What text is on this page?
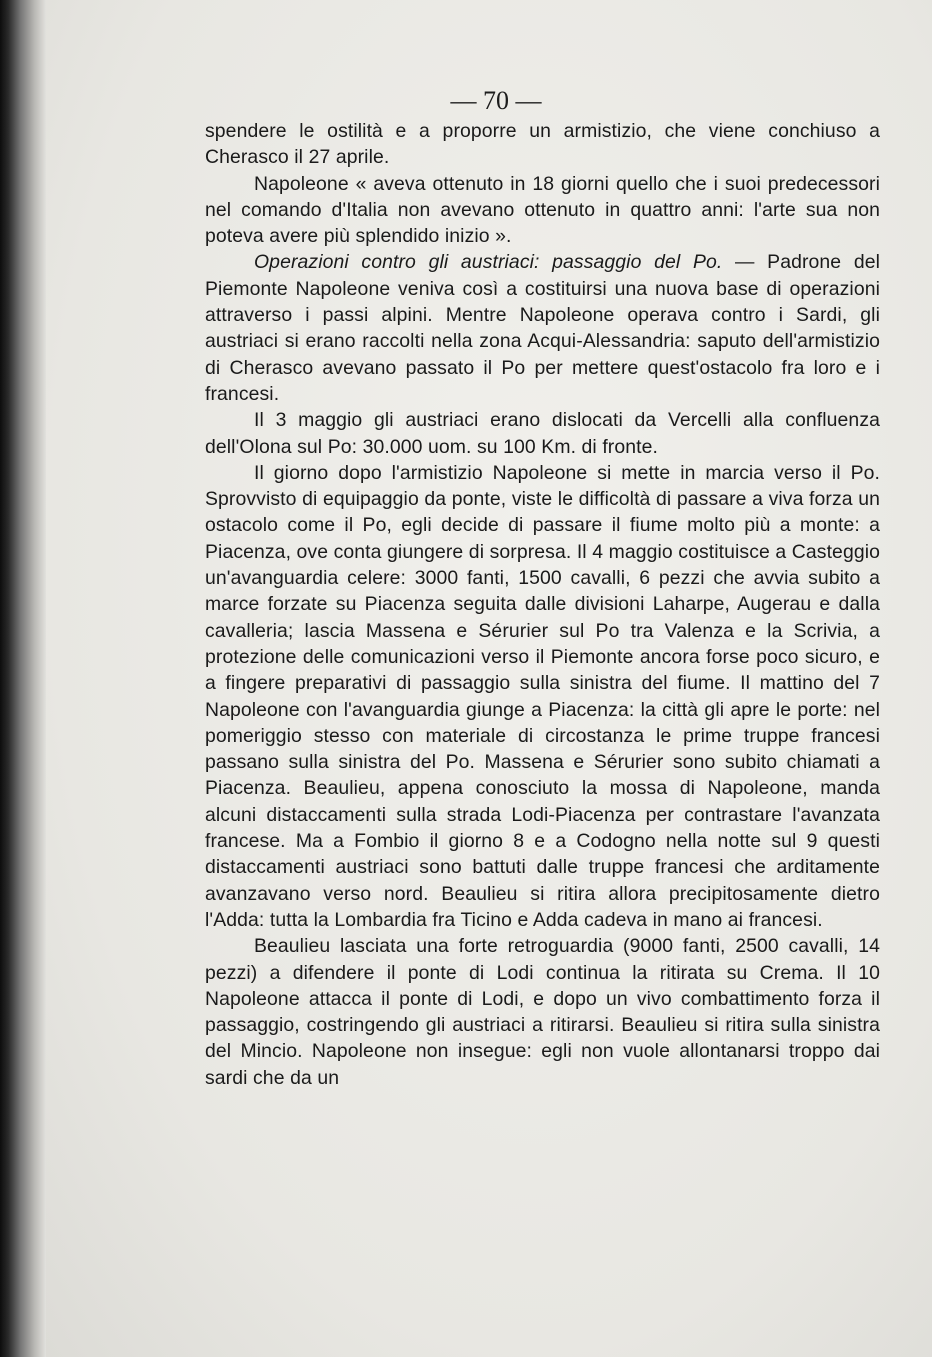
— 70 —

spendere le ostilità e a proporre un armistizio, che viene conchiuso a Cherasco il 27 aprile.

Napoleone « aveva ottenuto in 18 giorni quello che i suoi predecessori nel comando d'Italia non avevano ottenuto in quattro anni: l'arte sua non poteva avere più splendido inizio ».

Operazioni contro gli austriaci: passaggio del Po. — Padrone del Piemonte Napoleone veniva così a costituirsi una nuova base di operazioni attraverso i passi alpini. Mentre Napoleone operava contro i Sardi, gli austriaci si erano raccolti nella zona Acqui-Alessandria: saputo dell'armistizio di Cherasco avevano passato il Po per mettere quest'ostacolo fra loro e i francesi.

Il 3 maggio gli austriaci erano dislocati da Vercelli alla confluenza dell'Olona sul Po: 30.000 uom. su 100 Km. di fronte.

Il giorno dopo l'armistizio Napoleone si mette in marcia verso il Po. Sprovvisto di equipaggio da ponte, viste le difficoltà di passare a viva forza un ostacolo come il Po, egli decide di passare il fiume molto più a monte: a Piacenza, ove conta giungere di sorpresa. Il 4 maggio costituisce a Casteggio un'avanguardia celere: 3000 fanti, 1500 cavalli, 6 pezzi che avvia subito a marce forzate su Piacenza seguita dalle divisioni Laharpe, Augerau e dalla cavalleria; lascia Massena e Sérurier sul Po tra Valenza e la Scrivia, a protezione delle comunicazioni verso il Piemonte ancora forse poco sicuro, e a fingere preparativi di passaggio sulla sinistra del fiume. Il mattino del 7 Napoleone con l'avanguardia giunge a Piacenza: la città gli apre le porte: nel pomeriggio stesso con materiale di circostanza le prime truppe francesi passano sulla sinistra del Po. Massena e Sérurier sono subito chiamati a Piacenza. Beaulieu, appena conosciuto la mossa di Napoleone, manda alcuni distaccamenti sulla strada Lodi-Piacenza per contrastare l'avanzata francese. Ma a Fombio il giorno 8 e a Codogno nella notte sul 9 questi distaccamenti austriaci sono battuti dalle truppe francesi che arditamente avanzavano verso nord. Beaulieu si ritira allora precipitosamente dietro l'Adda: tutta la Lombardia fra Ticino e Adda cadeva in mano ai francesi.

Beaulieu lasciata una forte retroguardia (9000 fanti, 2500 cavalli, 14 pezzi) a difendere il ponte di Lodi continua la ritirata su Crema. Il 10 Napoleone attacca il ponte di Lodi, e dopo un vivo combattimento forza il passaggio, costringendo gli austriaci a ritirarsi. Beaulieu si ritira sulla sinistra del Mincio. Napoleone non insegue: egli non vuole allontanarsi troppo dai sardi che da un
